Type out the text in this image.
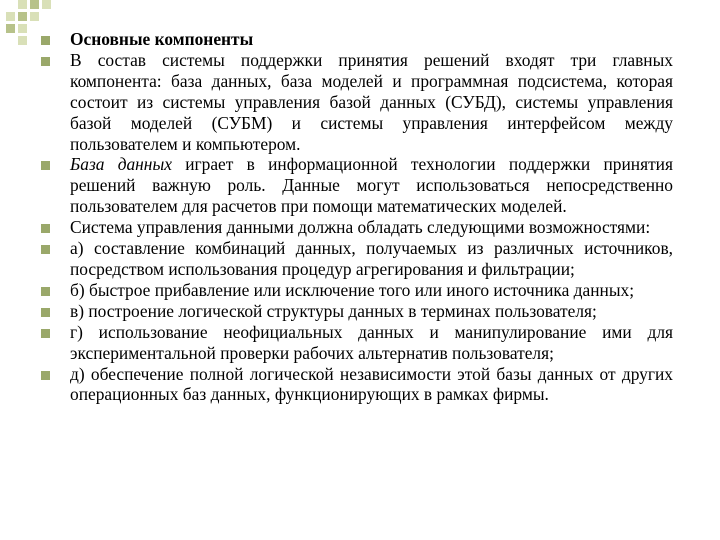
Основные компоненты
В состав системы поддержки принятия решений входят три главных компонента: база данных, база моделей и программная подсистема, которая состоит из системы управления базой данных (СУБД), системы управления базой моделей (СУБМ) и системы управления интерфейсом между пользователем и компьютером.
База данных играет в информационной технологии поддержки принятия решений важную роль. Данные могут использоваться непосредственно пользователем для расчетов при помощи математических моделей.
Система управления данными должна обладать следующими возможностями:
а) составление комбинаций данных, получаемых из различных источников, посредством использования процедур агрегирования и фильтрации;
б) быстрое прибавление или исключение того или иного источника данных;
в) построение логической структуры данных в терминах пользователя;
г) использование неофициальных данных и манипулирование ими для экспериментальной проверки рабочих альтернатив пользователя;
д) обеспечение полной логической независимости этой базы данных от других операционных баз данных, функционирующих в рамках фирмы.
